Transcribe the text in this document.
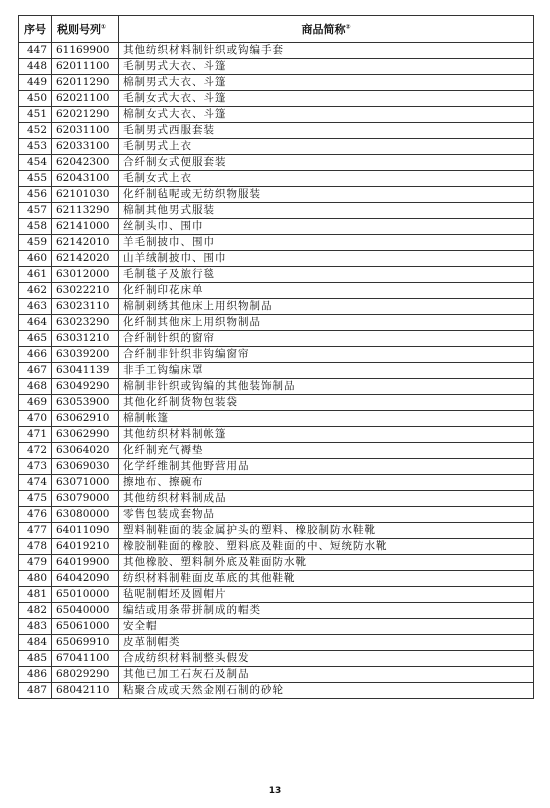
序号	税则号列①	商品简称②
447	61169900	其他纺织材料制针织或钩编手套
448	62011100	毛制男式大衣、斗篷
449	62011290	棉制男式大衣、斗篷
450	62021100	毛制女式大衣、斗篷
451	62021290	棉制女式大衣、斗篷
452	62031100	毛制男式西服套装
453	62033100	毛制男式上衣
454	62042300	合纤制女式便服套装
455	62043100	毛制女式上衣
456	62101030	化纤制毡呢或无纺织物服装
457	62113290	棉制其他男式服装
458	62141000	丝制头巾、围巾
459	62142010	羊毛制披巾、围巾
460	62142020	山羊绒制披巾、围巾
461	63012000	毛制毯子及旅行毯
462	63022210	化纤制印花床单
463	63023110	棉制刺绣其他床上用织物制品
464	63023290	化纤制其他床上用织物制品
465	63031210	合纤制针织的窗帘
466	63039200	合纤制非针织非钩编窗帘
467	63041139	非手工钩编床罩
468	63049290	棉制非针织或钩编的其他装饰制品
469	63053900	其他化纤制货物包装袋
470	63062910	棉制帐篷
471	63062990	其他纺织材料制帐篷
472	63064020	化纤制充气褥垫
473	63069030	化学纤维制其他野营用品
474	63071000	擦地布、擦碗布
475	63079000	其他纺织材料制成品
476	63080000	零售包装成套物品
477	64011090	塑料制鞋面的装金属护头的塑料、橡胶制防水鞋靴
478	64019210	橡胶制鞋面的橡胶、塑料底及鞋面的中、短统防水靴
479	64019900	其他橡胶、塑料制外底及鞋面防水靴
480	64042090	纺织材料制鞋面皮革底的其他鞋靴
481	65010000	毡呢制帽坯及圆帽片
482	65040000	编结或用条带拼制成的帽类
483	65061000	安全帽
484	65069910	皮革制帽类
485	67041100	合成纺织材料制整头假发
486	68029290	其他已加工石灰石及制品
487	68042110	粘聚合成或天然金刚石制的砂轮
13
